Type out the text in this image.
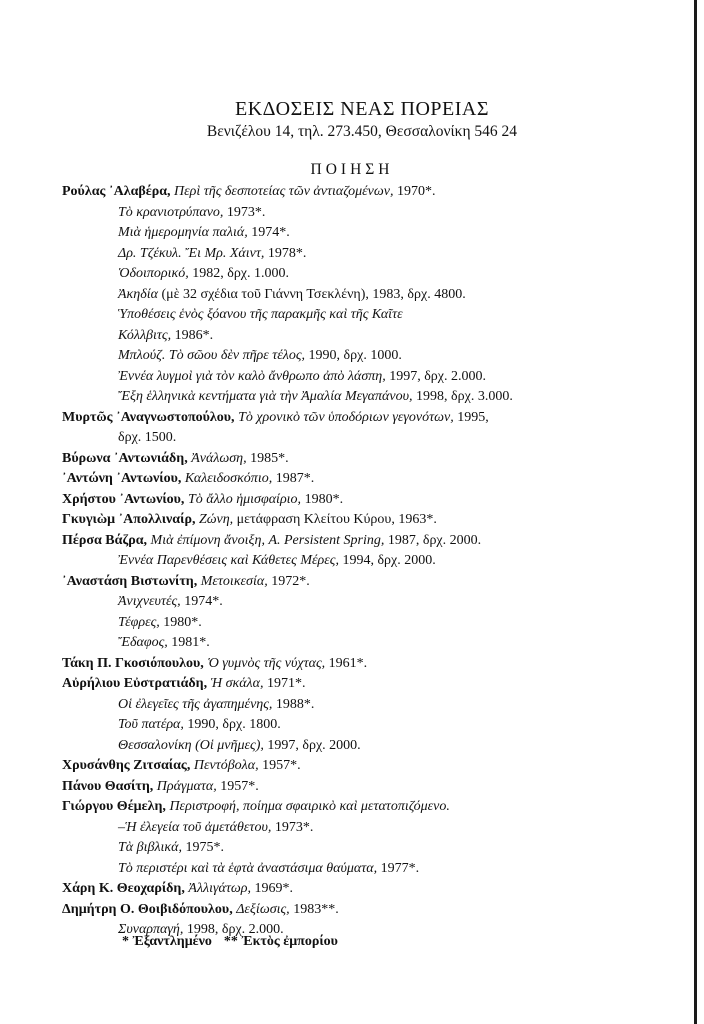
ΕΚΔΟΣΕΙΣ ΝΕΑΣ ΠΟΡΕΙΑΣ
Βενιζέλου 14, τηλ. 273.450, Θεσσαλονίκη 546 24
ΠΟΙΗΣΗ
Ρούλας ᾿Αλαβέρα, Περὶ τῆς δεσποτείας τῶν ἀντιαζομένων, 1970*.
Τὸ κρανιοτρύπανο, 1973*.
Μιὰ ἡμερομηνία παλιά, 1974*.
Δρ. Τζέκυλ. Ἔι Μρ. Χάιντ, 1978*.
Ὁδοιπορικό, 1982, δρχ. 1.000.
Ἀκηδία (μὲ 32 σχέδια τοῦ Γιάννη Τσεκλένη), 1983, δρχ. 4800.
Ὑποθέσεις ἑνὸς ξόανου τῆς παρακμῆς καὶ τῆς Καῖτε
Κόλλβιτς, 1986*.
Μπλούζ. Τὸ σῶου δὲν πῆρε τέλος, 1990, δρχ. 1000.
Ἐννέα λυγμοὶ γιὰ τὸν καλὸ ἄνθρωπο ἀπὸ λάσπη, 1997, δρχ. 2.000.
Ἔξη ἑλληνικὰ κεντήματα γιὰ τὴν Ἀμαλία Μεγαπάνου, 1998, δρχ. 3.000.
Μυρτῶς ᾿Αναγνωστοπούλου, Τὸ χρονικὸ τῶν ὑποδόριων γεγονότων, 1995,
δρχ. 1500.
Βύρωνα ᾿Αντωνιάδη, Ἀνάλωση, 1985*.
᾿Αντώνη ᾿Αντωνίου, Καλειδοσκόπιο, 1987*.
Χρήστου ᾿Αντωνίου, Τὸ ἄλλο ἡμισφαίριο, 1980*.
Γκυγιὼμ ᾿Απολλιναίρ, Ζώνη, μετάφραση Κλείτου Κύρου, 1963*.
Πέρσα Βάζρα, Μιὰ ἐπίμονη ἄνοιξη, A. Persistent Spring, 1987, δρχ. 2000.
Ἐννέα Παρενθέσεις καὶ Κάθετες Μέρες, 1994, δρχ. 2000.
᾿Αναστάση Βιστωνίτη, Μετοικεσία, 1972*.
Ἀνιχνευτές, 1974*.
Τέφρες, 1980*.
Ἔδαφος, 1981*.
Τάκη Π. Γκοσιόπουλου, Ὁ γυμνὸς τῆς νύχτας, 1961*.
Αὐρήλιου Εὐστρατιάδη, Ἡ σκάλα, 1971*.
Οἱ ἐλεγεῖες τῆς ἀγαπημένης, 1988*.
Τοῦ πατέρα, 1990, δρχ. 1800.
Θεσσαλονίκη (Οἱ μνῆμες), 1997, δρχ. 2000.
Χρυσάνθης Ζιτσαίας, Πεντόβολα, 1957*.
Πάνου Θασίτη, Πράγματα, 1957*.
Γιώργου Θέμελη, Περιστροφή, ποίημα σφαιρικὸ καὶ μετατοπιζόμενο.
–Ἡ ἐλεγεία τοῦ ἀμετάθετου, 1973*.
Τὰ βιβλικά, 1975*.
Τὸ περιστέρι καὶ τὰ ἑφτὰ ἀναστάσιμα θαύματα, 1977*.
Χάρη Κ. Θεοχαρίδη, Ἀλλιγάτωρ, 1969*.
Δημήτρη Ο. Θοιβιδόπουλου, Δεξίωσις, 1983**.
Συναρπαγή, 1998, δρχ. 2.000.
* Ἐξαντλημένο ** Ἐκτὸς ἐμπορίου
